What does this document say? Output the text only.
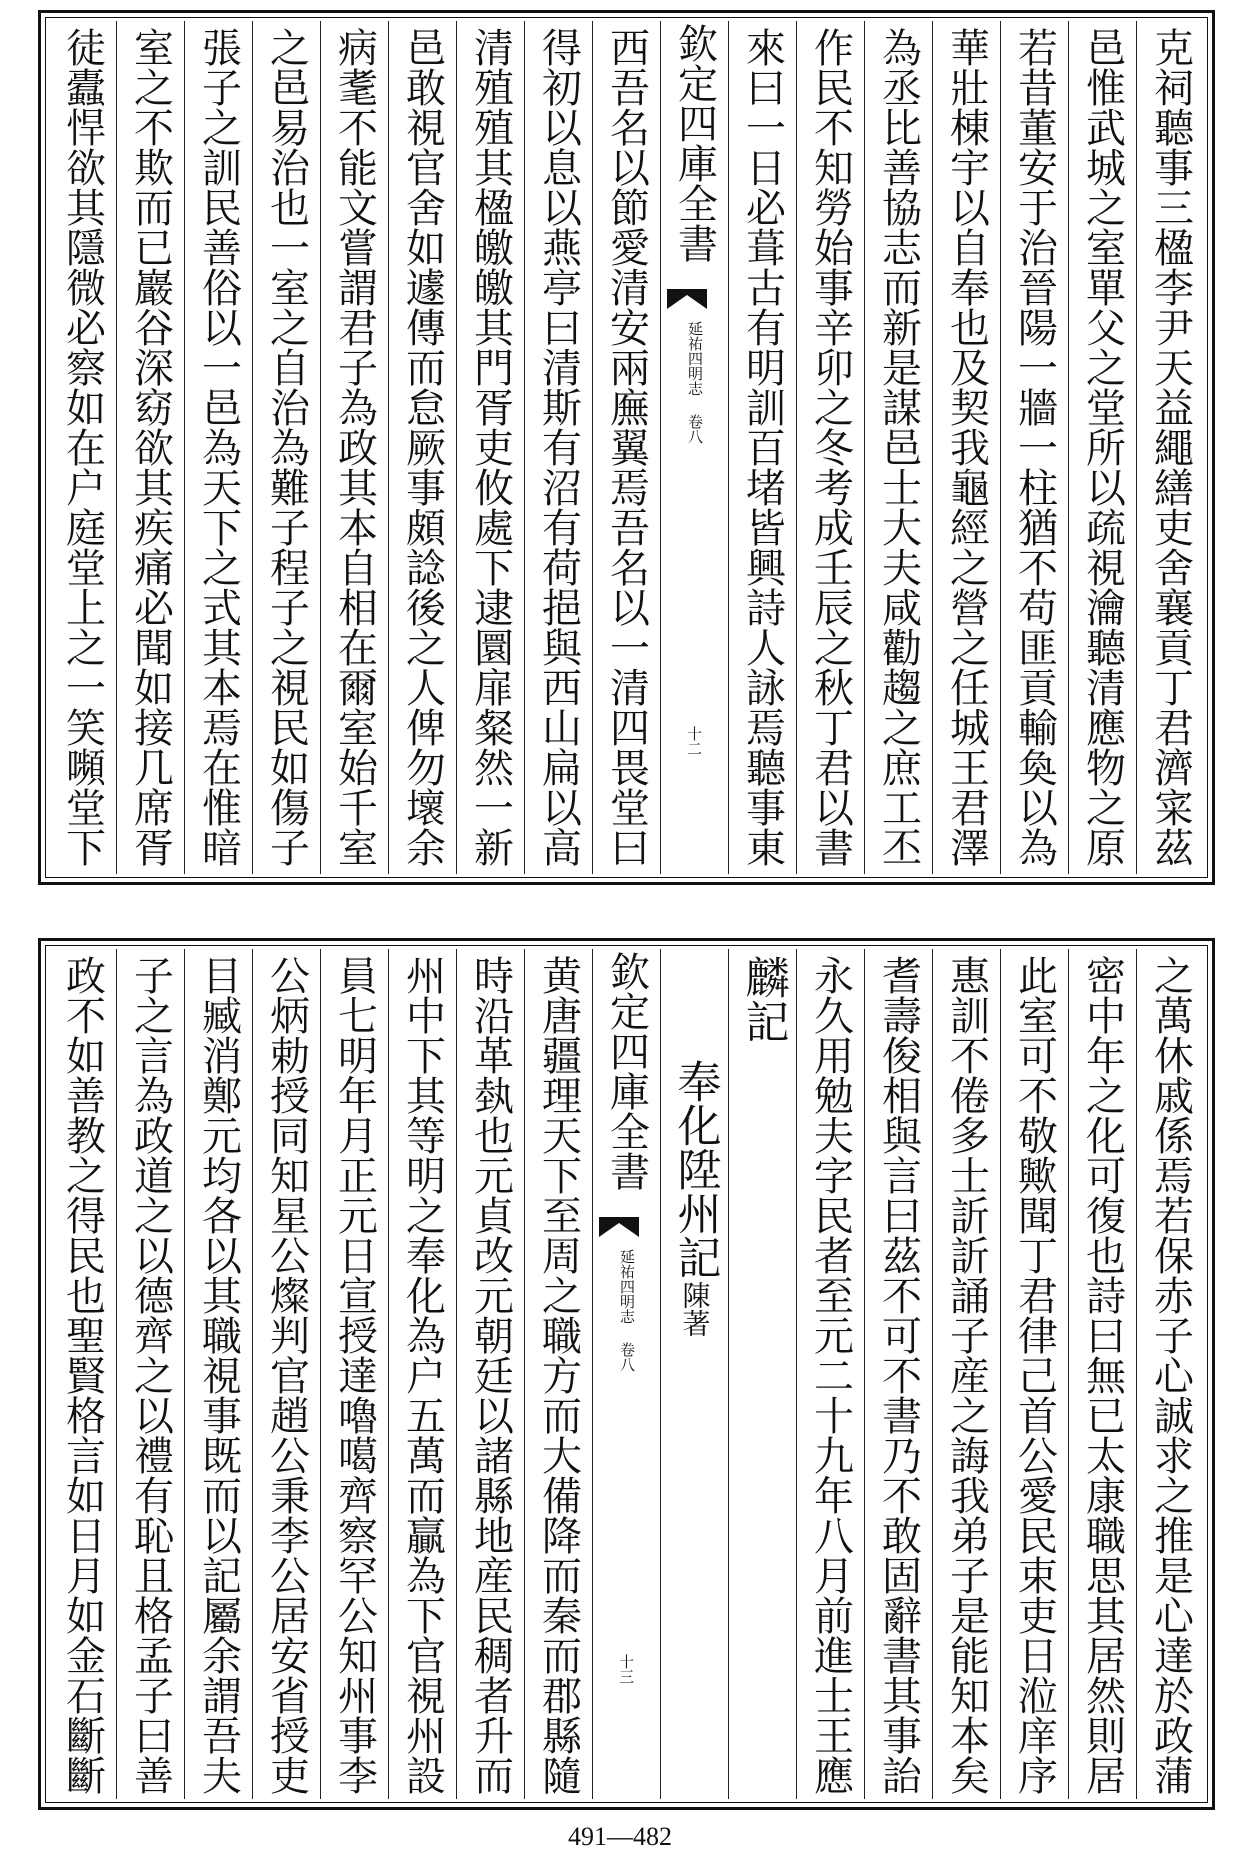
克祠聽事三楹李尹天益繩繕吏舍襄貢丁君濟寀茲
邑惟武城之室單父之堂所以疏視瀹聽清應物之原
若昔董安于治晉陽一牆一柱猶不苟匪貢輸奐以為
華壯棟宇以自奉也及契我龜經之營之任城王君澤
為丞比善協志而新是謀邑士大夫咸勸趨之庶工丕
作民不知勞始事辛卯之冬考成壬辰之秋丁君以書
來曰一日必葺古有明訓百堵皆興詩人詠焉聽事東
欽定四庫全書
延祐四明志 卷八
十二
西吾名以節愛清安兩廡翼焉吾名以一清四畏堂曰
得初以息以燕亭曰清斯有沼有荷挹與西山扁以高
清殖殖其楹皦皦其門胥吏攸處下逮圜扉粲然一新
邑敢視官舍如遽傳而怠厥事頗諗後之人俾勿壞余
病耄不能文嘗謂君子為政其本自相在爾室始千室
之邑易治也一室之自治為難子程子之視民如傷子
張子之訓民善俗以一邑為天下之式其本焉在惟暗
室之不欺而已巖谷深窈欲其疾痛必聞如接几席胥
徒蠹悍欲其隱微必察如在户庭堂上之一笑嚬堂下
之萬休戚係焉若保赤子心誠求之推是心達於政蒲
密中年之化可復也詩曰無已太康職思其居然則居
此室可不敬歟聞丁君律己首公愛民束吏日涖庠序
惠訓不倦多士訢訢誦子産之誨我弟子是能知本矣
耆壽俊相與言曰茲不可不書乃不敢固辭書其事詒
永久用勉夫字民者至元二十九年八月前進士王應
麟記
奉化陞州記
陳著
欽定四庫全書
延祐四明志 卷八
十三
黄唐疆理天下至周之職方而大備降而秦而郡縣隨
時沿革埶也元貞改元朝廷以諸縣地産民稠者升而
州中下其等明之奉化為户五萬而贏為下官視州設
員七明年月正元日宣授達嚕噶齊察罕公知州事李
公炳勅授同知星公燦判官趙公秉李公居安省授吏
目臧消鄭元均各以其職視事既而以記屬余謂吾夫
子之言為政道之以德齊之以禮有恥且格孟子曰善
政不如善教之得民也聖賢格言如日月如金石斷斷
491—482
